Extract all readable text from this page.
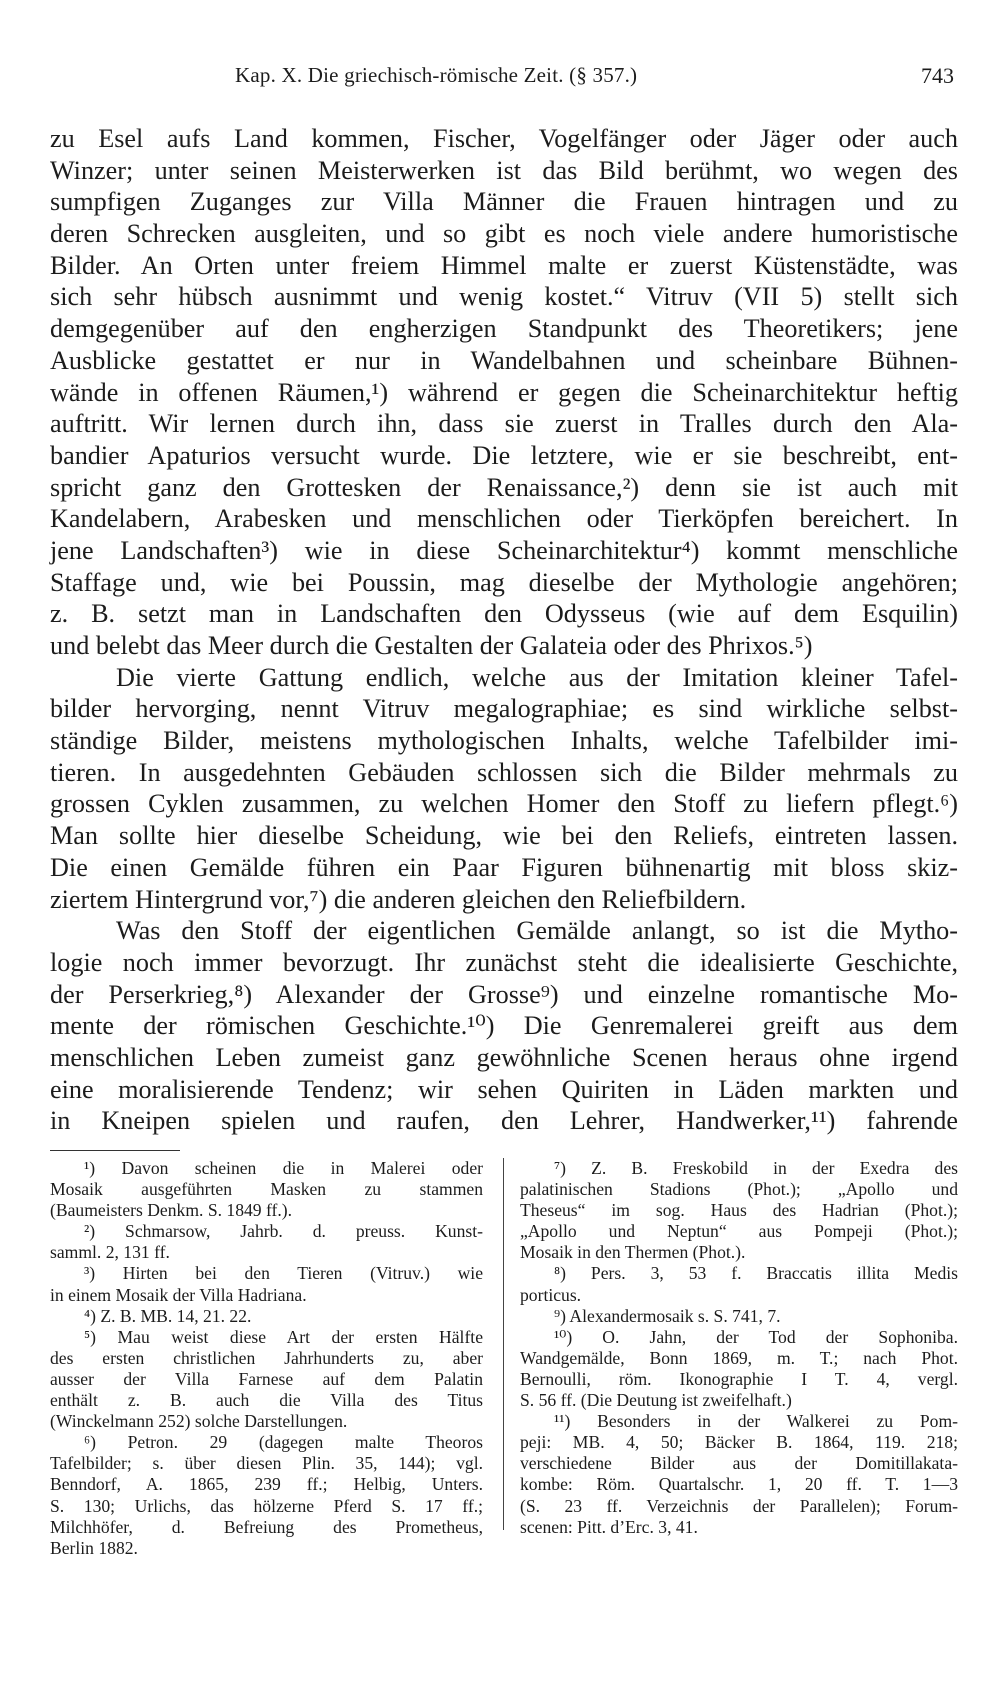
Kap. X. Die griechisch-römische Zeit. (§ 357.)	743
zu Esel aufs Land kommen, Fischer, Vogelfänger oder Jäger oder auch
Winzer; unter seinen Meisterwerken ist das Bild berühmt, wo wegen des
sumpfigen Zuganges zur Villa Männer die Frauen hintragen und zu
deren Schrecken ausgleiten, und so gibt es noch viele andere humoristische
Bilder. An Orten unter freiem Himmel malte er zuerst Küstenstädte, was
sich sehr hübsch ausnimmt und wenig kostet.“ Vitruv (VII 5) stellt sich
demgegenüber auf den engherzigen Standpunkt des Theoretikers; jene
Ausblicke gestattet er nur in Wandelbahnen und scheinbare Bühnen-
wände in offenen Räumen,¹) während er gegen die Scheinarchitektur heftig
auftritt. Wir lernen durch ihn, dass sie zuerst in Tralles durch den Ala-
bandier Apaturios versucht wurde. Die letztere, wie er sie beschreibt, ent-
spricht ganz den Grottesken der Renaissance,²) denn sie ist auch mit
Kandelabern, Arabesken und menschlichen oder Tierköpfen bereichert. In
jene Landschaften³) wie in diese Scheinarchitektur⁴) kommt menschliche
Staffage und, wie bei Poussin, mag dieselbe der Mythologie angehören;
z. B. setzt man in Landschaften den Odysseus (wie auf dem Esquilin)
und belebt das Meer durch die Gestalten der Galateia oder des Phrixos.⁵)
Die vierte Gattung endlich, welche aus der Imitation kleiner Tafel-
bilder hervorging, nennt Vitruv megalographiae; es sind wirkliche selbst-
ständige Bilder, meistens mythologischen Inhalts, welche Tafelbilder imi-
tieren. In ausgedehnten Gebäuden schlossen sich die Bilder mehrmals zu
grossen Cyklen zusammen, zu welchen Homer den Stoff zu liefern pflegt.⁶)
Man sollte hier dieselbe Scheidung, wie bei den Reliefs, eintreten lassen.
Die einen Gemälde führen ein Paar Figuren bühnenartig mit bloss skiz-
ziertem Hintergrund vor,⁷) die anderen gleichen den Reliefbildern.
Was den Stoff der eigentlichen Gemälde anlangt, so ist die Mytho-
logie noch immer bevorzugt. Ihr zunächst steht die idealisierte Geschichte,
der Perserkrieg,⁸) Alexander der Grosse⁹) und einzelne romantische Mo-
mente der römischen Geschichte.¹⁰) Die Genremalerei greift aus dem
menschlichen Leben zumeist ganz gewöhnliche Scenen heraus ohne irgend
eine moralisierende Tendenz; wir sehen Quiriten in Läden markten und
in Kneipen spielen und raufen, den Lehrer, Handwerker,¹¹) fahrende
¹) Davon scheinen die in Malerei oder
Mosaik ausgeführten Masken zu stammen
(Baumeisters Denkm. S. 1849 ff.).
²) Schmarsow, Jahrb. d. preuss. Kunst-
samml. 2, 131 ff.
³) Hirten bei den Tieren (Vitruv.) wie
in einem Mosaik der Villa Hadriana.
⁴) Z. B. MB. 14, 21. 22.
⁵) Mau weist diese Art der ersten Hälfte
des ersten christlichen Jahrhunderts zu, aber
ausser der Villa Farnese auf dem Palatin
enthält z. B. auch die Villa des Titus
(Winckelmann 252) solche Darstellungen.
⁶) Petron. 29 (dagegen malte Theoros
Tafelbilder; s. über diesen Plin. 35, 144); vgl.
Benndorf, A. 1865, 239 ff.; Helbig, Unters.
S. 130; Urlichs, das hölzerne Pferd S. 17 ff.;
Milchhöfer, d. Befreiung des Prometheus,
Berlin 1882.
⁷) Z. B. Freskobild in der Exedra des
palatinischen Stadions (Phot.); „Apollo und
Theseus“ im sog. Haus des Hadrian (Phot.);
„Apollo und Neptun“ aus Pompeji (Phot.);
Mosaik in den Thermen (Phot.).
⁸) Pers. 3, 53 f. Braccatis illita Medis
porticus.
⁹) Alexandermosaik s. S. 741, 7.
¹⁰) O. Jahn, der Tod der Sophoniba.
Wandgemälde, Bonn 1869, m. T.; nach Phot.
Bernoulli, röm. Ikonographie I T. 4, vergl.
S. 56 ff. (Die Deutung ist zweifelhaft.)
¹¹) Besonders in der Walkerei zu Pom-
peji: MB. 4, 50; Bäcker B. 1864, 119. 218;
verschiedene Bilder aus der Domitillakata-
kombe: Röm. Quartalschr. 1, 20 ff. T. 1—3
(S. 23 ff. Verzeichnis der Parallelen); Forum-
scenen: Pitt. d’Erc. 3, 41.
